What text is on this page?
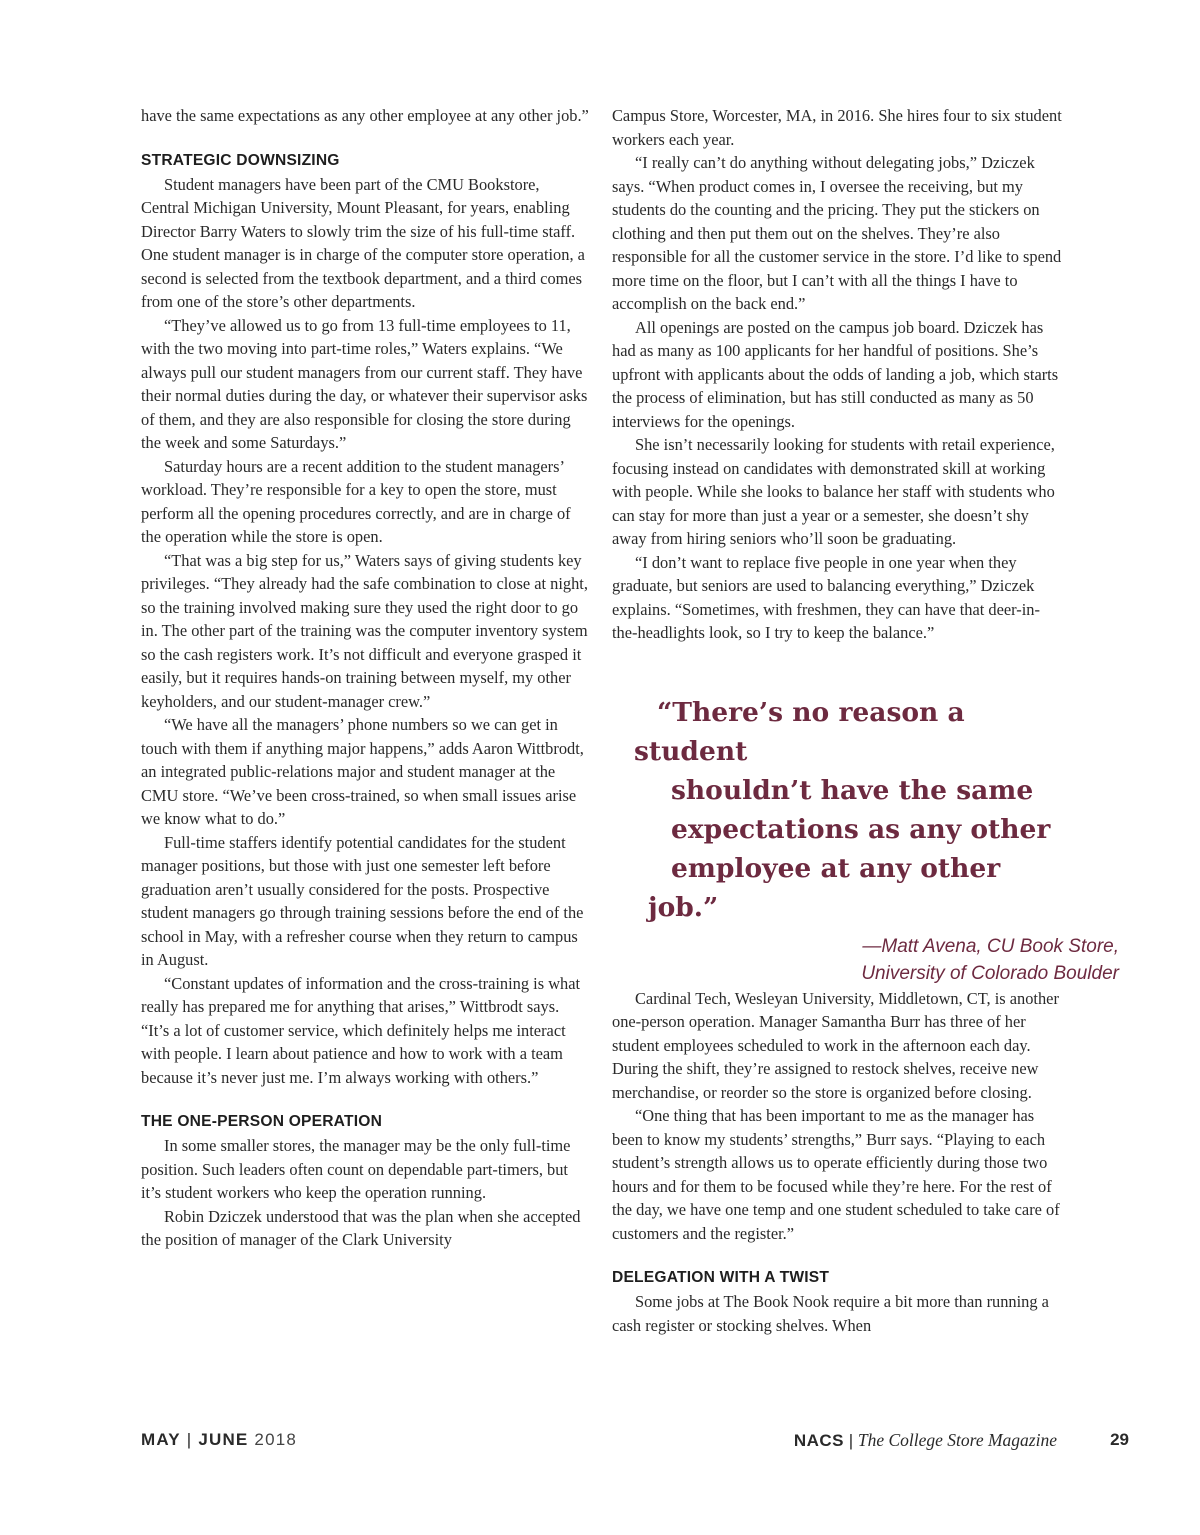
have the same expectations as any other employee at any other job.”

STRATEGIC DOWNSIZING

Student managers have been part of the CMU Bookstore, Central Michigan University, Mount Pleasant, for years, enabling Director Barry Waters to slowly trim the size of his full-time staff. One student manager is in charge of the computer store operation, a second is selected from the textbook department, and a third comes from one of the store’s other departments.

“They’ve allowed us to go from 13 full-time employees to 11, with the two moving into part-time roles,” Waters explains. “We always pull our student managers from our current staff. They have their normal duties during the day, or whatever their supervisor asks of them, and they are also responsible for closing the store during the week and some Saturdays.”

Saturday hours are a recent addition to the student managers’ workload. They’re responsible for a key to open the store, must perform all the opening procedures correctly, and are in charge of the operation while the store is open.

“That was a big step for us,” Waters says of giving students key privileges. “They already had the safe combination to close at night, so the training involved making sure they used the right door to go in. The other part of the training was the computer inventory system so the cash registers work. It’s not difficult and everyone grasped it easily, but it requires hands-on training between myself, my other keyholders, and our student-manager crew.”

“We have all the managers’ phone numbers so we can get in touch with them if anything major happens,” adds Aaron Wittbrodt, an integrated public-relations major and student manager at the CMU store. “We’ve been cross-trained, so when small issues arise we know what to do.”

Full-time staffers identify potential candidates for the student manager positions, but those with just one semester left before graduation aren’t usually considered for the posts. Prospective student managers go through training sessions before the end of the school in May, with a refresher course when they return to campus in August.

“Constant updates of information and the cross-training is what really has prepared me for anything that arises,” Wittbrodt says. “It’s a lot of customer service, which definitely helps me interact with people. I learn about patience and how to work with a team because it’s never just me. I’m always working with others.”

THE ONE-PERSON OPERATION

In some smaller stores, the manager may be the only full-time position. Such leaders often count on dependable part-timers, but it’s student workers who keep the operation running.

Robin Dziczek understood that was the plan when she accepted the position of manager of the Clark University

Campus Store, Worcester, MA, in 2016. She hires four to six student workers each year.

“I really can’t do anything without delegating jobs,” Dziczek says. “When product comes in, I oversee the receiving, but my students do the counting and the pricing. They put the stickers on clothing and then put them out on the shelves. They’re also responsible for all the customer service in the store. I’d like to spend more time on the floor, but I can’t with all the things I have to accomplish on the back end.”

All openings are posted on the campus job board. Dziczek has had as many as 100 applicants for her handful of positions. She’s upfront with applicants about the odds of landing a job, which starts the process of elimination, but has still conducted as many as 50 interviews for the openings.

She isn’t necessarily looking for students with retail experience, focusing instead on candidates with demonstrated skill at working with people. While she looks to balance her staff with students who can stay for more than just a year or a semester, she doesn’t shy away from hiring seniors who’ll soon be graduating.

“I don’t want to replace five people in one year when they graduate, but seniors are used to balancing everything,” Dziczek explains. “Sometimes, with freshmen, they can have that deer-in-the-headlights look, so I try to keep the balance.”

“There’s no reason a student
shouldn’t have the same
expectations as any other
employee at any other job.”

—Matt Avena, CU Book Store,
University of Colorado Boulder

Cardinal Tech, Wesleyan University, Middletown, CT, is another one-person operation. Manager Samantha Burr has three of her student employees scheduled to work in the afternoon each day. During the shift, they’re assigned to restock shelves, receive new merchandise, or reorder so the store is organized before closing.

“One thing that has been important to me as the manager has been to know my students’ strengths,” Burr says. “Playing to each student’s strength allows us to operate efficiently during those two hours and for them to be focused while they’re here. For the rest of the day, we have one temp and one student scheduled to take care of customers and the register.”

DELEGATION WITH A TWIST

Some jobs at The Book Nook require a bit more than running a cash register or stocking shelves. When

MAY | JUNE 2018	NACS | The College Store Magazine	29
